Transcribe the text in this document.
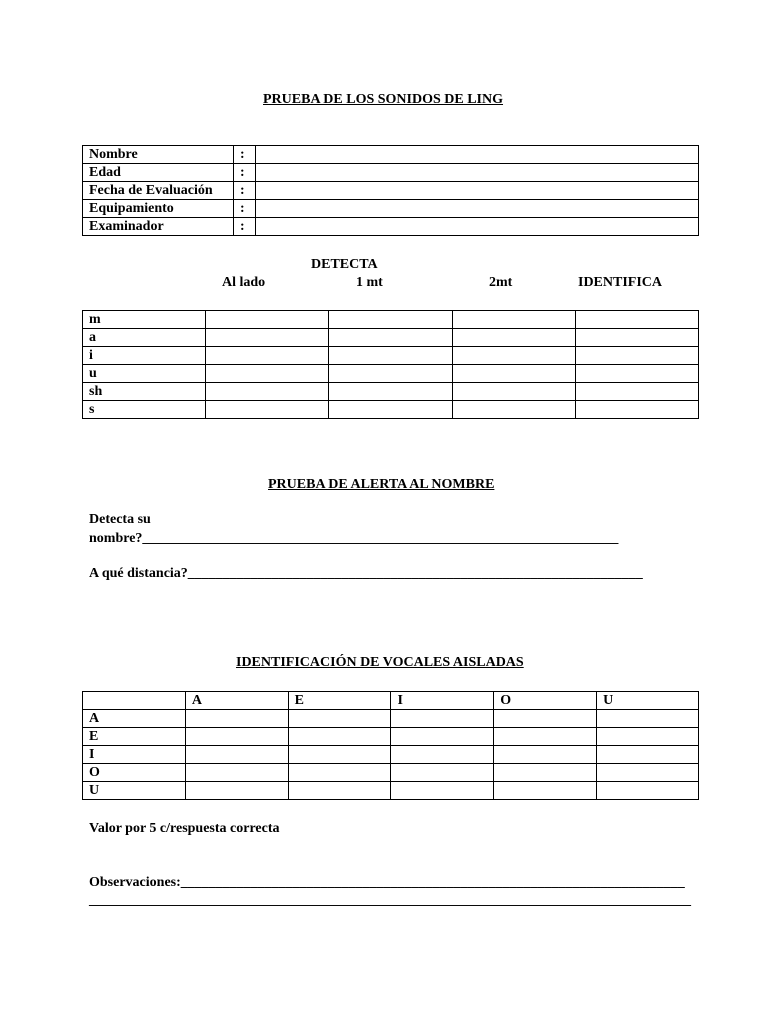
PRUEBA DE LOS SONIDOS DE LING
Nombre	:	
Edad	:	
Fecha de Evaluación	:	
Equipamiento	:	
Examinador	:	
DETECTA
Al lado	1 mt	2mt	IDENTIFICA
m				
a				
i				
u				
sh				
s				
PRUEBA DE ALERTA AL NOMBRE
Detecta su
nombre?____________________________________________________________________
A qué distancia?_________________________________________________________________
IDENTIFICACIÓN DE VOCALES AISLADAS
	A	E	I	O	U
A					
E					
I					
O					
U					
Valor por 5 c/respuesta correcta
Observaciones:________________________________________________________________________
______________________________________________________________________________________
